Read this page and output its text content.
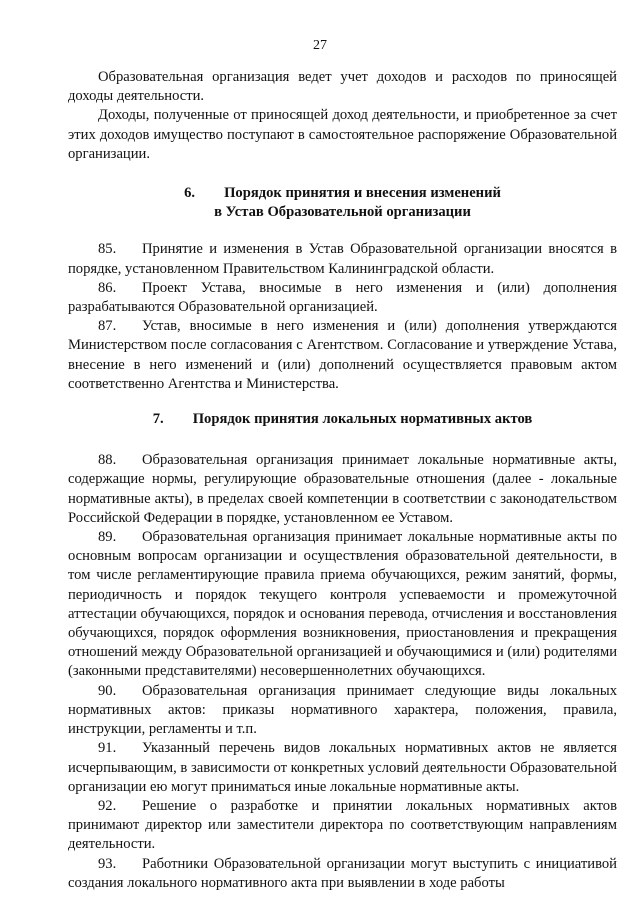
27

Образовательная организация ведет учет доходов и расходов по приносящей доходы деятельности.

Доходы, полученные от приносящей доход деятельности, и приобретенное за счет этих доходов имущество поступают в самостоятельное распоряжение Образовательной организации.

6. Порядок принятия и внесения изменений
в Устав Образовательной организации

85. Принятие и изменения в Устав Образовательной организации вносятся в порядке, установленном Правительством Калининградской области.

86. Проект Устава, вносимые в него изменения и (или) дополнения разрабатываются Образовательной организацией.

87. Устав, вносимые в него изменения и (или) дополнения утверждаются Министерством после согласования с Агентством. Согласование и утверждение Устава, внесение в него изменений и (или) дополнений осуществляется правовым актом соответственно Агентства и Министерства.

7. Порядок принятия локальных нормативных актов

88. Образовательная организация принимает локальные нормативные акты, содержащие нормы, регулирующие образовательные отношения (далее - локальные нормативные акты), в пределах своей компетенции в соответствии с законодательством Российской Федерации в порядке, установленном ее Уставом.

89. Образовательная организация принимает локальные нормативные акты по основным вопросам организации и осуществления образовательной деятельности, в том числе регламентирующие правила приема обучающихся, режим занятий, формы, периодичность и порядок текущего контроля успеваемости и промежуточной аттестации обучающихся, порядок и основания перевода, отчисления и восстановления обучающихся, порядок оформления возникновения, приостановления и прекращения отношений между Образовательной организацией и обучающимися и (или) родителями (законными представителями) несовершеннолетних обучающихся.

90. Образовательная организация принимает следующие виды локальных нормативных актов: приказы нормативного характера, положения, правила, инструкции, регламенты и т.п.

91. Указанный перечень видов локальных нормативных актов не является исчерпывающим, в зависимости от конкретных условий деятельности Образовательной организации ею могут приниматься иные локальные нормативные акты.

92. Решение о разработке и принятии локальных нормативных актов принимают директор или заместители директора по соответствующим направлениям деятельности.

93. Работники Образовательной организации могут выступить с инициативой создания локального нормативного акта при выявлении в ходе работы
